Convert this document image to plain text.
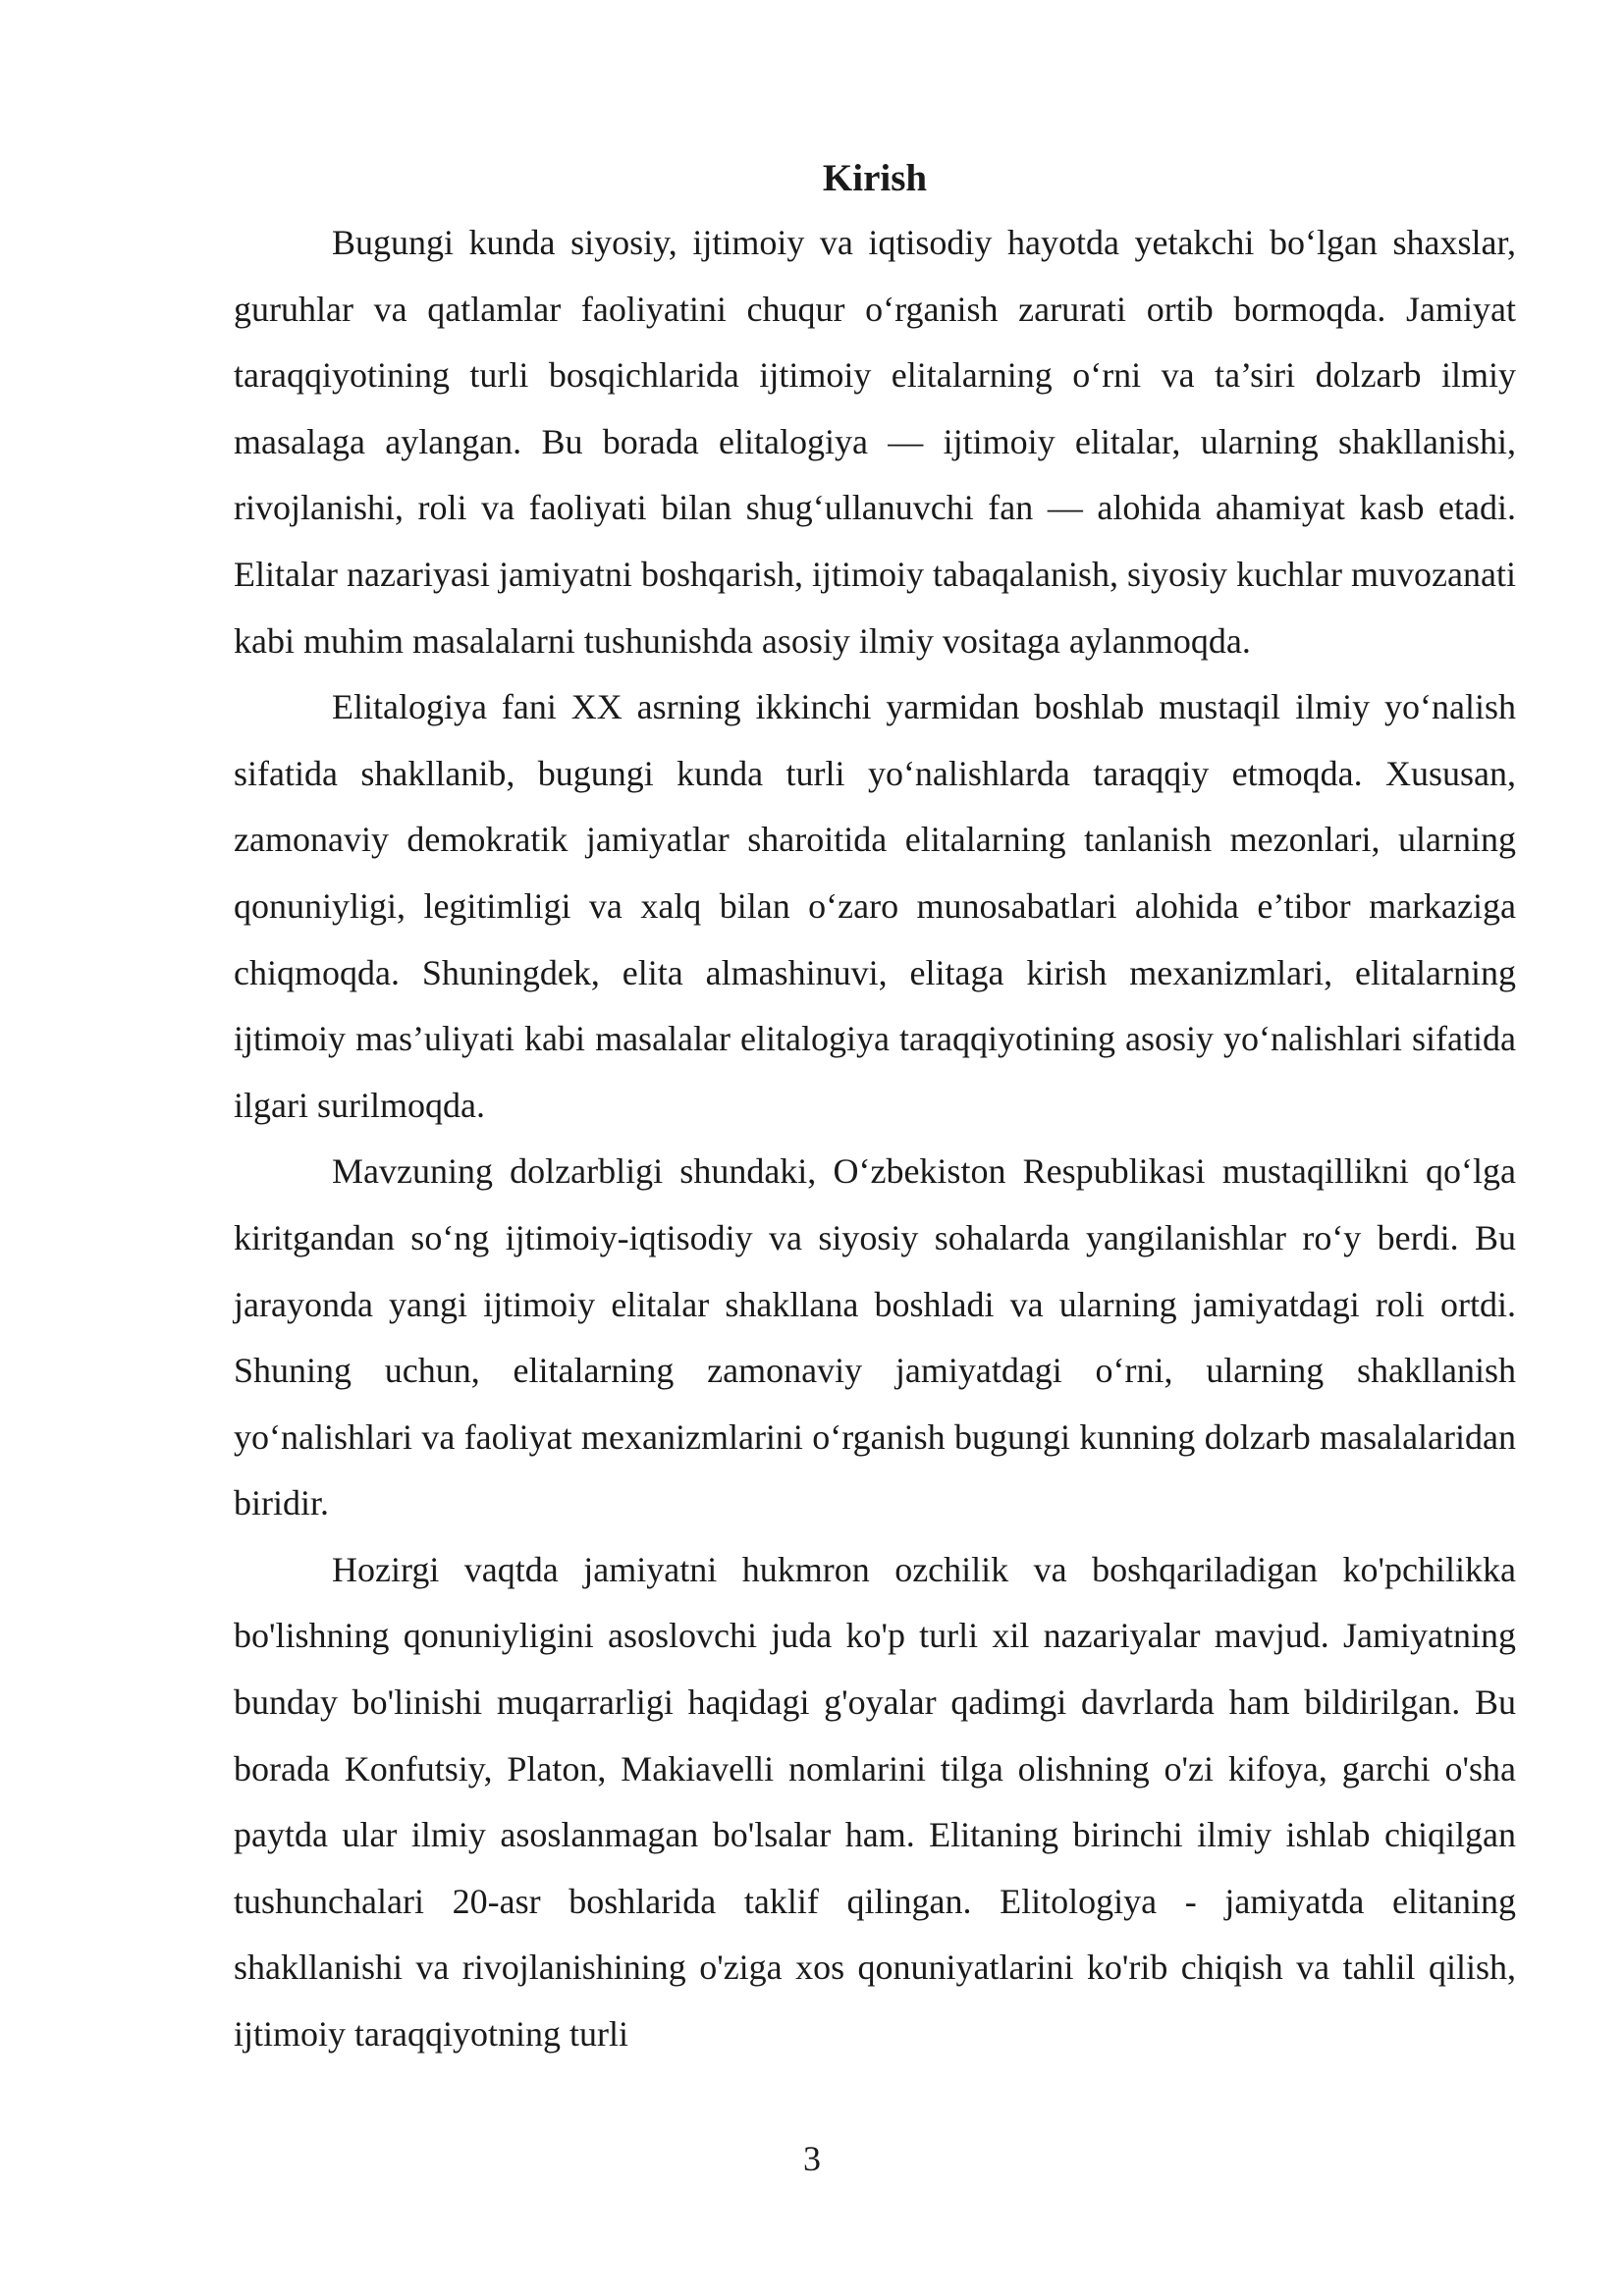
Kirish

Bugungi kunda siyosiy, ijtimoiy va iqtisodiy hayotda yetakchi bo‘lgan shaxslar, guruhlar va qatlamlar faoliyatini chuqur o‘rganish zarurati ortib bormoqda. Jamiyat taraqqiyotining turli bosqichlarida ijtimoiy elitalarning o‘rni va ta’siri dolzarb ilmiy masalaga aylangan. Bu borada elitalogiya — ijtimoiy elitalar, ularning shakllanishi, rivojlanishi, roli va faoliyati bilan shug‘ullanuvchi fan — alohida ahamiyat kasb etadi. Elitalar nazariyasi jamiyatni boshqarish, ijtimoiy tabaqalanish, siyosiy kuchlar muvozanati kabi muhim masalalarni tushunishda asosiy ilmiy vositaga aylanmoqda.

Elitalogiya fani XX asrning ikkinchi yarmidan boshlab mustaqil ilmiy yo‘nalish sifatida shakllanib, bugungi kunda turli yo‘nalishlarda taraqqiy etmoqda. Xususan, zamonaviy demokratik jamiyatlar sharoitida elitalarning tanlanish mezonlari, ularning qonuniyligi, legitimligi va xalq bilan o‘zaro munosabatlari alohida e’tibor markaziga chiqmoqda. Shuningdek, elita almashinuvi, elitaga kirish mexanizmlari, elitalarning ijtimoiy mas’uliyati kabi masalalar elitalogiya taraqqiyotining asosiy yo‘nalishlari sifatida ilgari surilmoqda.

Mavzuning dolzarbligi shundaki, O‘zbekiston Respublikasi mustaqillikni qo‘lga kiritgandan so‘ng ijtimoiy-iqtisodiy va siyosiy sohalarda yangilanishlar ro‘y berdi. Bu jarayonda yangi ijtimoiy elitalar shakllana boshladi va ularning jamiyatdagi roli ortdi. Shuning uchun, elitalarning zamonaviy jamiyatdagi o‘rni, ularning shakllanish yo‘nalishlari va faoliyat mexanizmlarini o‘rganish bugungi kunning dolzarb masalalaridan biridir.

Hozirgi vaqtda jamiyatni hukmron ozchilik va boshqariladigan ko'pchilikka bo'lishning qonuniyligini asoslovchi juda ko'p turli xil nazariyalar mavjud. Jamiyatning bunday bo'linishi muqarrarligi haqidagi g'oyalar qadimgi davrlarda ham bildirilgan. Bu borada Konfutsiy, Platon, Makiavelli nomlarini tilga olishning o'zi kifoya, garchi o'sha paytda ular ilmiy asoslanmagan bo'lsalar ham. Elitaning birinchi ilmiy ishlab chiqilgan tushunchalari 20-asr boshlarida taklif qilingan. Elitologiya - jamiyatda elitaning shakllanishi va rivojlanishining o'ziga xos qonuniyatlarini ko'rib chiqish va tahlil qilish, ijtimoiy taraqqiyotning turli

3
